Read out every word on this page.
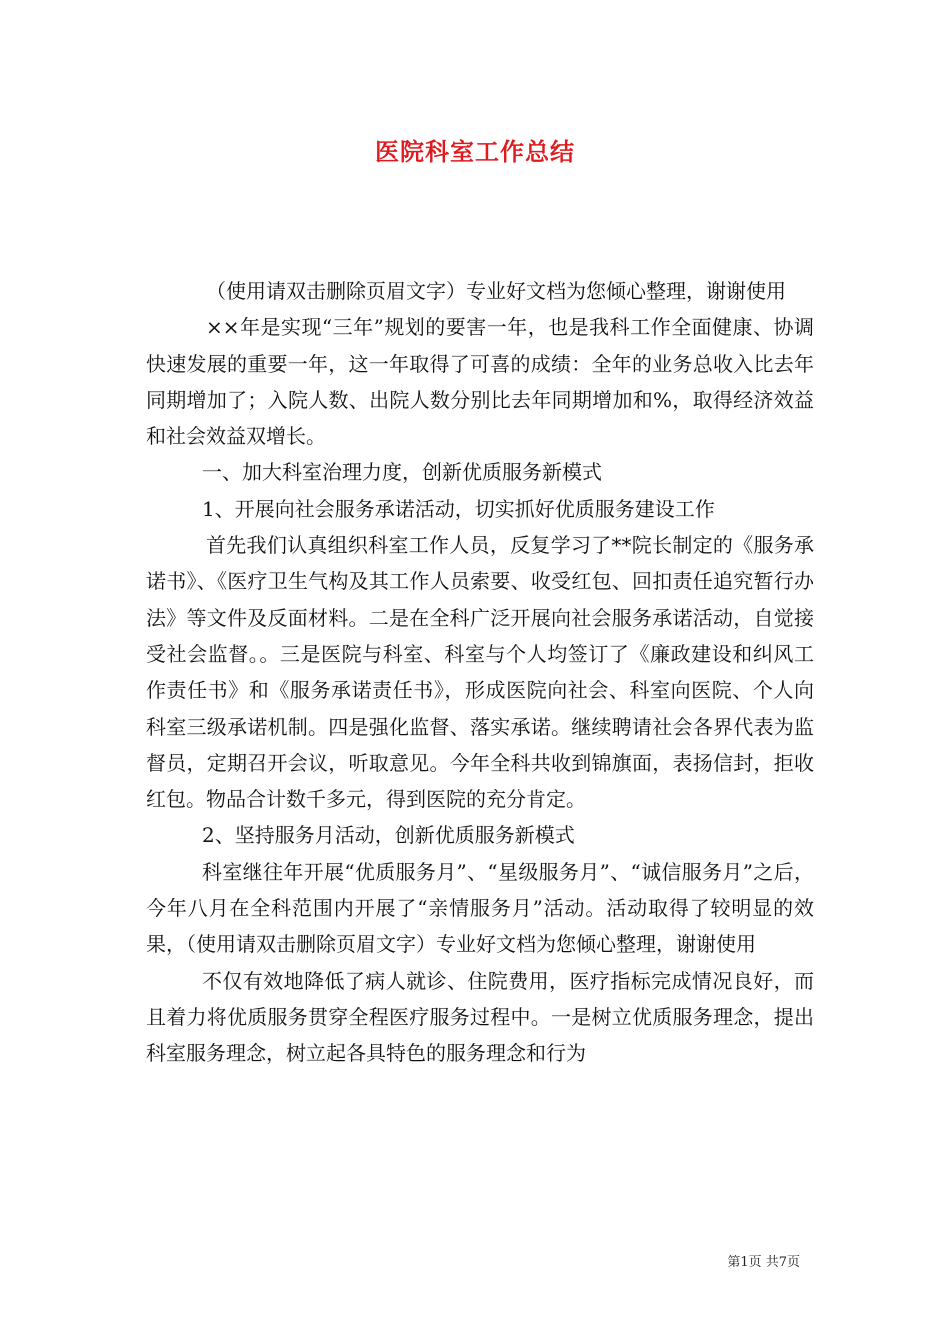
医院科室工作总结

（使用请双击删除页眉文字）专业好文档为您倾心整理，谢谢使用

××年是实现“三年”规划的要害一年，也是我科工作全面健康、协调快速发展的重要一年，这一年取得了可喜的成绩：全年的业务总收入比去年同期增加了；入院人数、出院人数分别比去年同期增加和%，取得经济效益和社会效益双增长。

一、加大科室治理力度，创新优质服务新模式

1、开展向社会服务承诺活动，切实抓好优质服务建设工作

首先我们认真组织科室工作人员，反复学习了**院长制定的《服务承诺书》、《医疗卫生气构及其工作人员索要、收受红包、回扣责任追究暂行办法》等文件及反面材料。二是在全科广泛开展向社会服务承诺活动，自觉接受社会监督。。三是医院与科室、科室与个人均签订了《廉政建设和纠风工作责任书》和《服务承诺责任书》，形成医院向社会、科室向医院、个人向科室三级承诺机制。四是强化监督、落实承诺。继续聘请社会各界代表为监督员，定期召开会议，听取意见。今年全科共收到锦旗面，表扬信封，拒收红包。物品合计数千多元，得到医院的充分肯定。

2、坚持服务月活动，创新优质服务新模式

科室继往年开展“优质服务月”、“星级服务月”、“诚信服务月”之后，今年八月在全科范围内开展了“亲情服务月”活动。活动取得了较明显的效果，（使用请双击删除页眉文字）专业好文档为您倾心整理，谢谢使用

不仅有效地降低了病人就诊、住院费用，医疗指标完成情况良好，而且着力将优质服务贯穿全程医疗服务过程中。一是树立优质服务理念，提出科室服务理念，树立起各具特色的服务理念和行为

第1页 共7页
